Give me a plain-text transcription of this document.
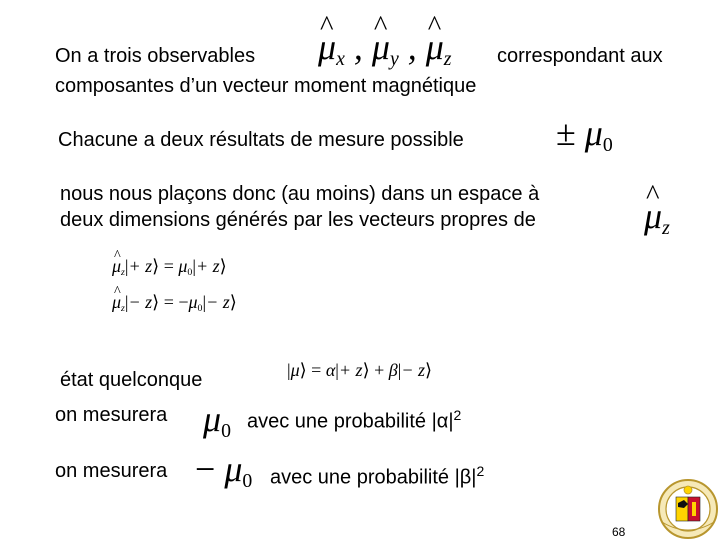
On a trois observables ^ $\mu_x$ , ^ $\mu_y$ , ^ $\mu_z$ correspondant aux
composantes d’un vecteur moment magnétique
Chacune a deux résultats de mesure possible	± $\mu_0$
nous nous plaçons donc (au moins) dans un espace à
deux dimensions générés par les vecteurs propres de	^ $\mu_z$
^ $\mu_z|+$ z⟩ = $\mu_0|+$ z⟩
^ $\mu_z|-$ z⟩ = $-\mu_0|-$ z⟩
état quelconque	|μ⟩ = α|+ z⟩ + β|− z⟩
on mesurera $\mu_0$ avec une probabilité $|\alpha|^2$
on mesurera − $\mu_0$ avec une probabilité $|\beta|^2$
68
